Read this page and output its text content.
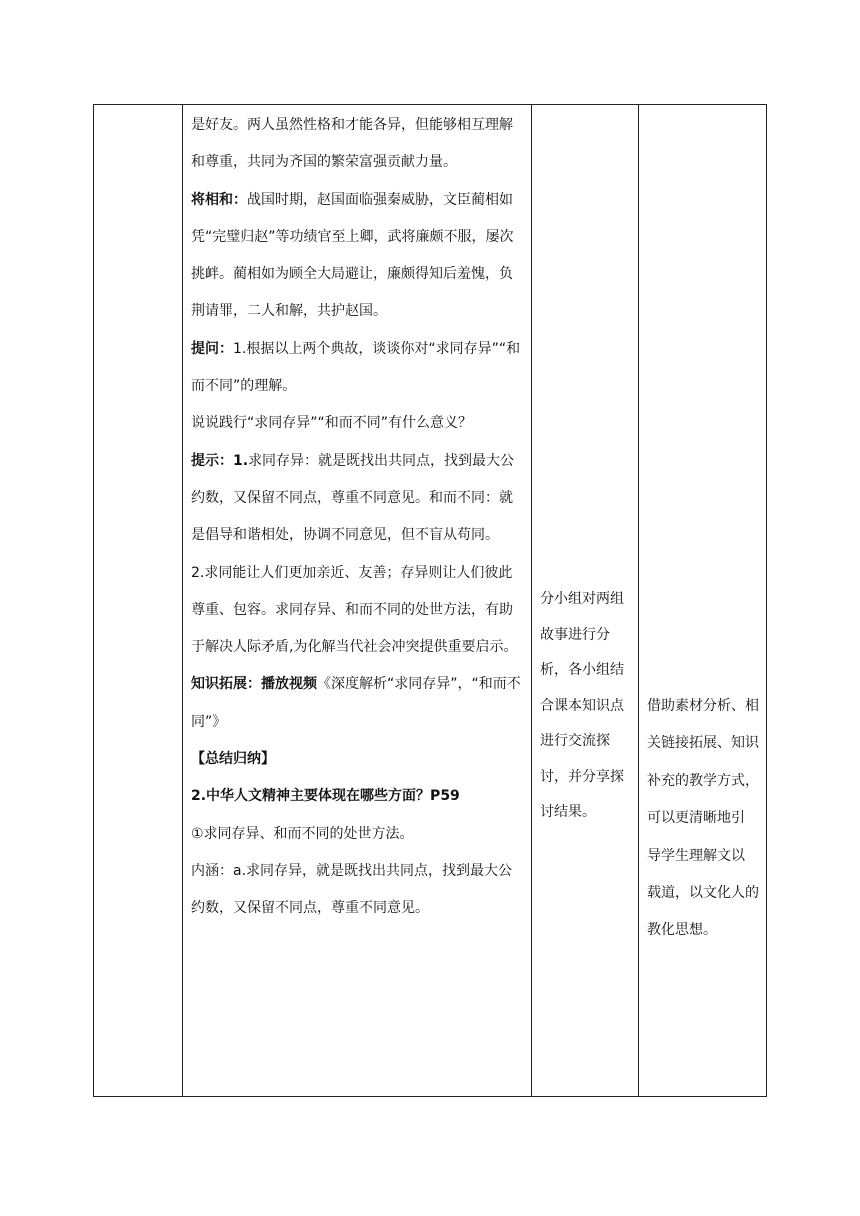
是好友。两人虽然性格和才能各异，但能够相互理解
和尊重，共同为齐国的繁荣富强贡献力量。
将相和：战国时期，赵国面临强秦威胁，文臣蔺相如
凭“完璧归赵”等功绩官至上卿，武将廉颇不服，屡次
挑衅。蔺相如为顾全大局避让，廉颇得知后羞愧，负
荆请罪，二人和解，共护赵国。
提问：1.根据以上两个典故，谈谈你对“求同存异”“和
而不同”的理解。
说说践行“求同存异”“和而不同”有什么意义？
提示：1.求同存异：就是既找出共同点，找到最大公
约数，又保留不同点，尊重不同意见。和而不同：就
是倡导和谐相处，协调不同意见，但不盲从苟同。
2.求同能让人们更加亲近、友善；存异则让人们彼此
尊重、包容。求同存异、和而不同的处世方法，有助
于解决人际矛盾,为化解当代社会冲突提供重要启示。
知识拓展：播放视频《深度解析“求同存异”，“和而不
同”》
【总结归纳】
2.中华人文精神主要体现在哪些方面？P59
①求同存异、和而不同的处世方法。
内涵：a.求同存异，就是既找出共同点，找到最大公
约数，又保留不同点，尊重不同意见。
分小组对两组
故事进行分
析，各小组结
合课本知识点
进行交流探
讨，并分享探
讨结果。
借助素材分析、相
关链接拓展、知识
补充的教学方式，
可以更清晰地引
导学生理解文以
载道，以文化人的
教化思想。
